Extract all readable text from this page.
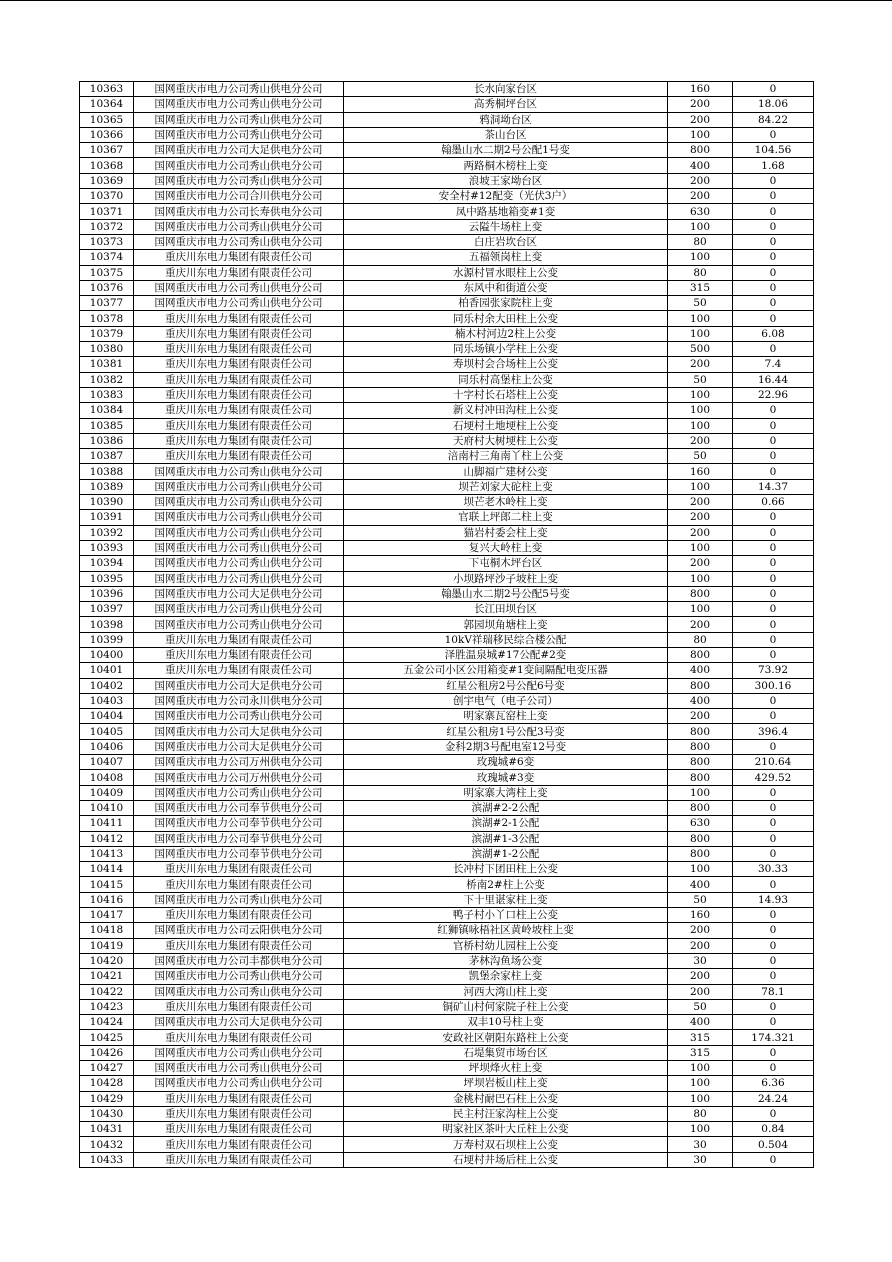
10363	国网重庆市电力公司秀山供电分公司	长水向家台区	160	0
10364	国网重庆市电力公司秀山供电分公司	高秀桐坪台区	200	18.06
10365	国网重庆市电力公司秀山供电分公司	鸦洞坳台区	200	84.22
10366	国网重庆市电力公司秀山供电分公司	茶山台区	100	0
10367	国网重庆市电力公司大足供电分公司	翰墨山水二期2号公配1号变	800	104.56
10368	国网重庆市电力公司秀山供电分公司	两路桐木榜柱上变	400	1.68
10369	国网重庆市电力公司秀山供电分公司	浪坡王家坳台区	200	0
10370	国网重庆市电力公司合川供电分公司	安全村#12配变（光伏3户）	200	0
10371	国网重庆市电力公司长寿供电分公司	凤中路基地箱变#1变	630	0
10372	国网重庆市电力公司秀山供电分公司	云隘牛场柱上变	100	0
10373	国网重庆市电力公司秀山供电分公司	白庄岩坎台区	80	0
10374	重庆川东电力集团有限责任公司	五福领岗柱上变	100	0
10375	重庆川东电力集团有限责任公司	水源村冒水眼柱上公变	80	0
10376	国网重庆市电力公司秀山供电分公司	东风中和街道公变	315	0
10377	国网重庆市电力公司秀山供电分公司	柏香园张家院柱上变	50	0
10378	重庆川东电力集团有限责任公司	同乐村余大田柱上公变	100	0
10379	重庆川东电力集团有限责任公司	楠木村河边2柱上公变	100	6.08
10380	重庆川东电力集团有限责任公司	同乐场镇小学柱上公变	500	0
10381	重庆川东电力集团有限责任公司	寿坝村会合场柱上公变	200	7.4
10382	重庆川东电力集团有限责任公司	同乐村高堡柱上公变	50	16.44
10383	重庆川东电力集团有限责任公司	十字村长石塔柱上公变	100	22.96
10384	重庆川东电力集团有限责任公司	新义村冲田沟柱上公变	100	0
10385	重庆川东电力集团有限责任公司	石埂村土地埂柱上公变	100	0
10386	重庆川东电力集团有限责任公司	天府村大树埂柱上公变	200	0
10387	重庆川东电力集团有限责任公司	涪南村三角南丫柱上公变	50	0
10388	国网重庆市电力公司秀山供电分公司	山脚福广建材公变	160	0
10389	国网重庆市电力公司秀山供电分公司	坝芒刘家大砣柱上变	100	14.37
10390	国网重庆市电力公司秀山供电分公司	坝芒老木岭柱上变	200	0.66
10391	国网重庆市电力公司秀山供电分公司	官联上坪郎二柱上变	200	0
10392	国网重庆市电力公司秀山供电分公司	猫岩村委会柱上变	200	0
10393	国网重庆市电力公司秀山供电分公司	复兴大岭柱上变	100	0
10394	国网重庆市电力公司秀山供电分公司	下屯桐木坪台区	200	0
10395	国网重庆市电力公司秀山供电分公司	小坝路坪沙子坡柱上变	100	0
10396	国网重庆市电力公司大足供电分公司	翰墨山水二期2号公配5号变	800	0
10397	国网重庆市电力公司秀山供电分公司	长江田坝台区	100	0
10398	国网重庆市电力公司秀山供电分公司	郭园坝角塘柱上变	200	0
10399	重庆川东电力集团有限责任公司	10kV祥瑞移民综合楼公配	80	0
10400	重庆川东电力集团有限责任公司	泽胜温泉城#17公配#2变	800	0
10401	重庆川东电力集团有限责任公司	五金公司小区公用箱变#1变间隔配电变压器	400	73.92
10402	国网重庆市电力公司大足供电分公司	红星公租房2号公配6号变	800	300.16
10403	国网重庆市电力公司永川供电分公司	创宇电气（电子公司）	400	0
10404	国网重庆市电力公司秀山供电分公司	明家寨瓦窑柱上变	200	0
10405	国网重庆市电力公司大足供电分公司	红星公租房1号公配3号变	800	396.4
10406	国网重庆市电力公司大足供电分公司	金科2期3号配电室12号变	800	0
10407	国网重庆市电力公司万州供电分公司	玫瑰城#6变	800	210.64
10408	国网重庆市电力公司万州供电分公司	玫瑰城#3变	800	429.52
10409	国网重庆市电力公司秀山供电分公司	明家寨大湾柱上变	100	0
10410	国网重庆市电力公司奉节供电分公司	滨湖#2-2公配	800	0
10411	国网重庆市电力公司奉节供电分公司	滨湖#2-1公配	630	0
10412	国网重庆市电力公司奉节供电分公司	滨湖#1-3公配	800	0
10413	国网重庆市电力公司奉节供电分公司	滨湖#1-2公配	800	0
10414	重庆川东电力集团有限责任公司	长冲村下团田柱上公变	100	30.33
10415	重庆川东电力集团有限责任公司	桥南2#柱上公变	400	0
10416	国网重庆市电力公司秀山供电分公司	下十里谌家柱上变	50	14.93
10417	重庆川东电力集团有限责任公司	鸭子村小丫口柱上公变	160	0
10418	国网重庆市电力公司云阳供电分公司	红狮镇咏梧社区黄岭坡柱上变	200	0
10419	重庆川东电力集团有限责任公司	官桥村幼儿园柱上公变	200	0
10420	国网重庆市电力公司丰都供电分公司	茅林沟鱼场公变	30	0
10421	国网重庆市电力公司秀山供电分公司	凯堡余家柱上变	200	0
10422	国网重庆市电力公司秀山供电分公司	河西大湾山柱上变	200	78.1
10423	重庆川东电力集团有限责任公司	铜矿山村何家院子柱上公变	50	0
10424	国网重庆市电力公司大足供电分公司	双丰10号柱上变	400	0
10425	重庆川东电力集团有限责任公司	安政社区朝阳东路柱上公变	315	174.321
10426	国网重庆市电力公司秀山供电分公司	石堤集贸市场台区	315	0
10427	国网重庆市电力公司秀山供电分公司	坪坝烽火柱上变	100	0
10428	国网重庆市电力公司秀山供电分公司	坪坝岩板山柱上变	100	6.36
10429	重庆川东电力集团有限责任公司	金桃村耐巴石柱上公变	100	24.24
10430	重庆川东电力集团有限责任公司	民主村汪家沟柱上公变	80	0
10431	重庆川东电力集团有限责任公司	明家社区茶叶大丘柱上公变	100	0.84
10432	重庆川东电力集团有限责任公司	万寿村双石坝柱上公变	30	0.504
10433	重庆川东电力集团有限责任公司	石埂村井场后柱上公变	30	0
